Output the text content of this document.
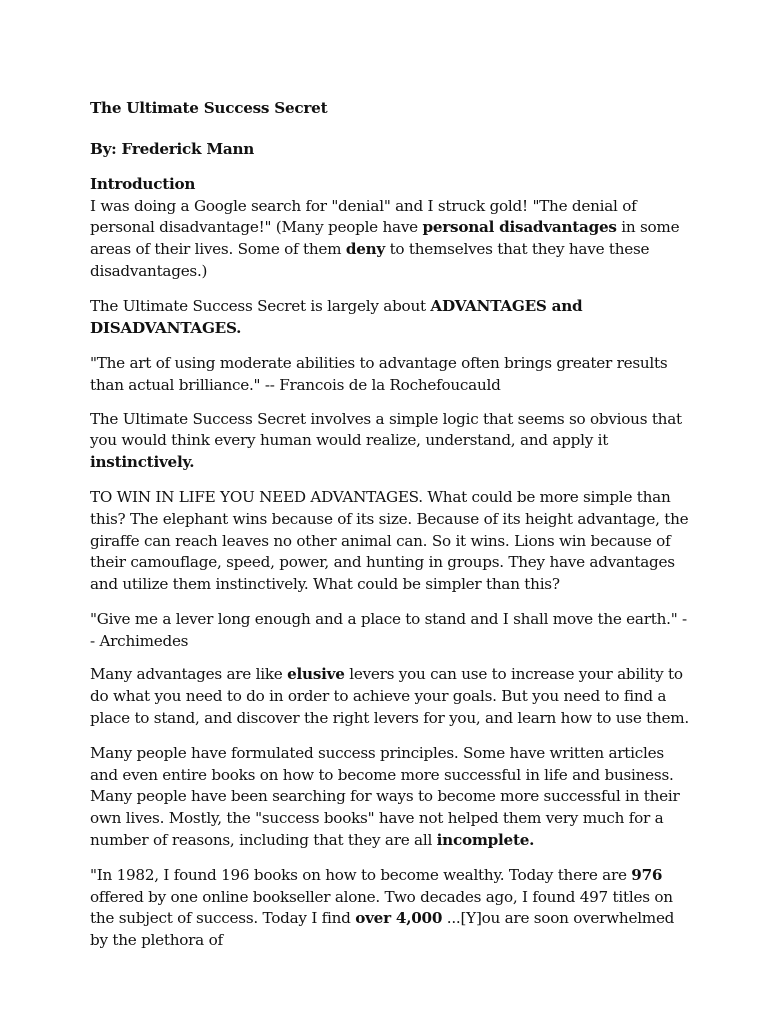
The Ultimate Success Secret

By: Frederick Mann

Introduction

I was doing a Google search for "denial" and I struck gold! "The denial of personal disadvantage!" (Many people have personal disadvantages in some areas of their lives. Some of them deny to themselves that they have these disadvantages.)

The Ultimate Success Secret is largely about ADVANTAGES and DISADVANTAGES.

"The art of using moderate abilities to advantage often brings greater results than actual brilliance." -- Francois de la Rochefoucauld

The Ultimate Success Secret involves a simple logic that seems so obvious that you would think every human would realize, understand, and apply it instinctively.

TO WIN IN LIFE YOU NEED ADVANTAGES. What could be more simple than this? The elephant wins because of its size. Because of its height advantage, the giraffe can reach leaves no other animal can. So it wins. Lions win because of their camouflage, speed, power, and hunting in groups. They have advantages and utilize them instinctively. What could be simpler than this?

"Give me a lever long enough and a place to stand and I shall move the earth." -- Archimedes

Many advantages are like elusive levers you can use to increase your ability to do what you need to do in order to achieve your goals. But you need to find a place to stand, and discover the right levers for you, and learn how to use them.

Many people have formulated success principles. Some have written articles and even entire books on how to become more successful in life and business. Many people have been searching for ways to become more successful in their own lives. Mostly, the "success books" have not helped them very much for a number of reasons, including that they are all incomplete.

"In 1982, I found 196 books on how to become wealthy. Today there are 976 offered by one online bookseller alone. Two decades ago, I found 497 titles on the subject of success. Today I find over 4,000 ...[Y]ou are soon overwhelmed by the plethora of
